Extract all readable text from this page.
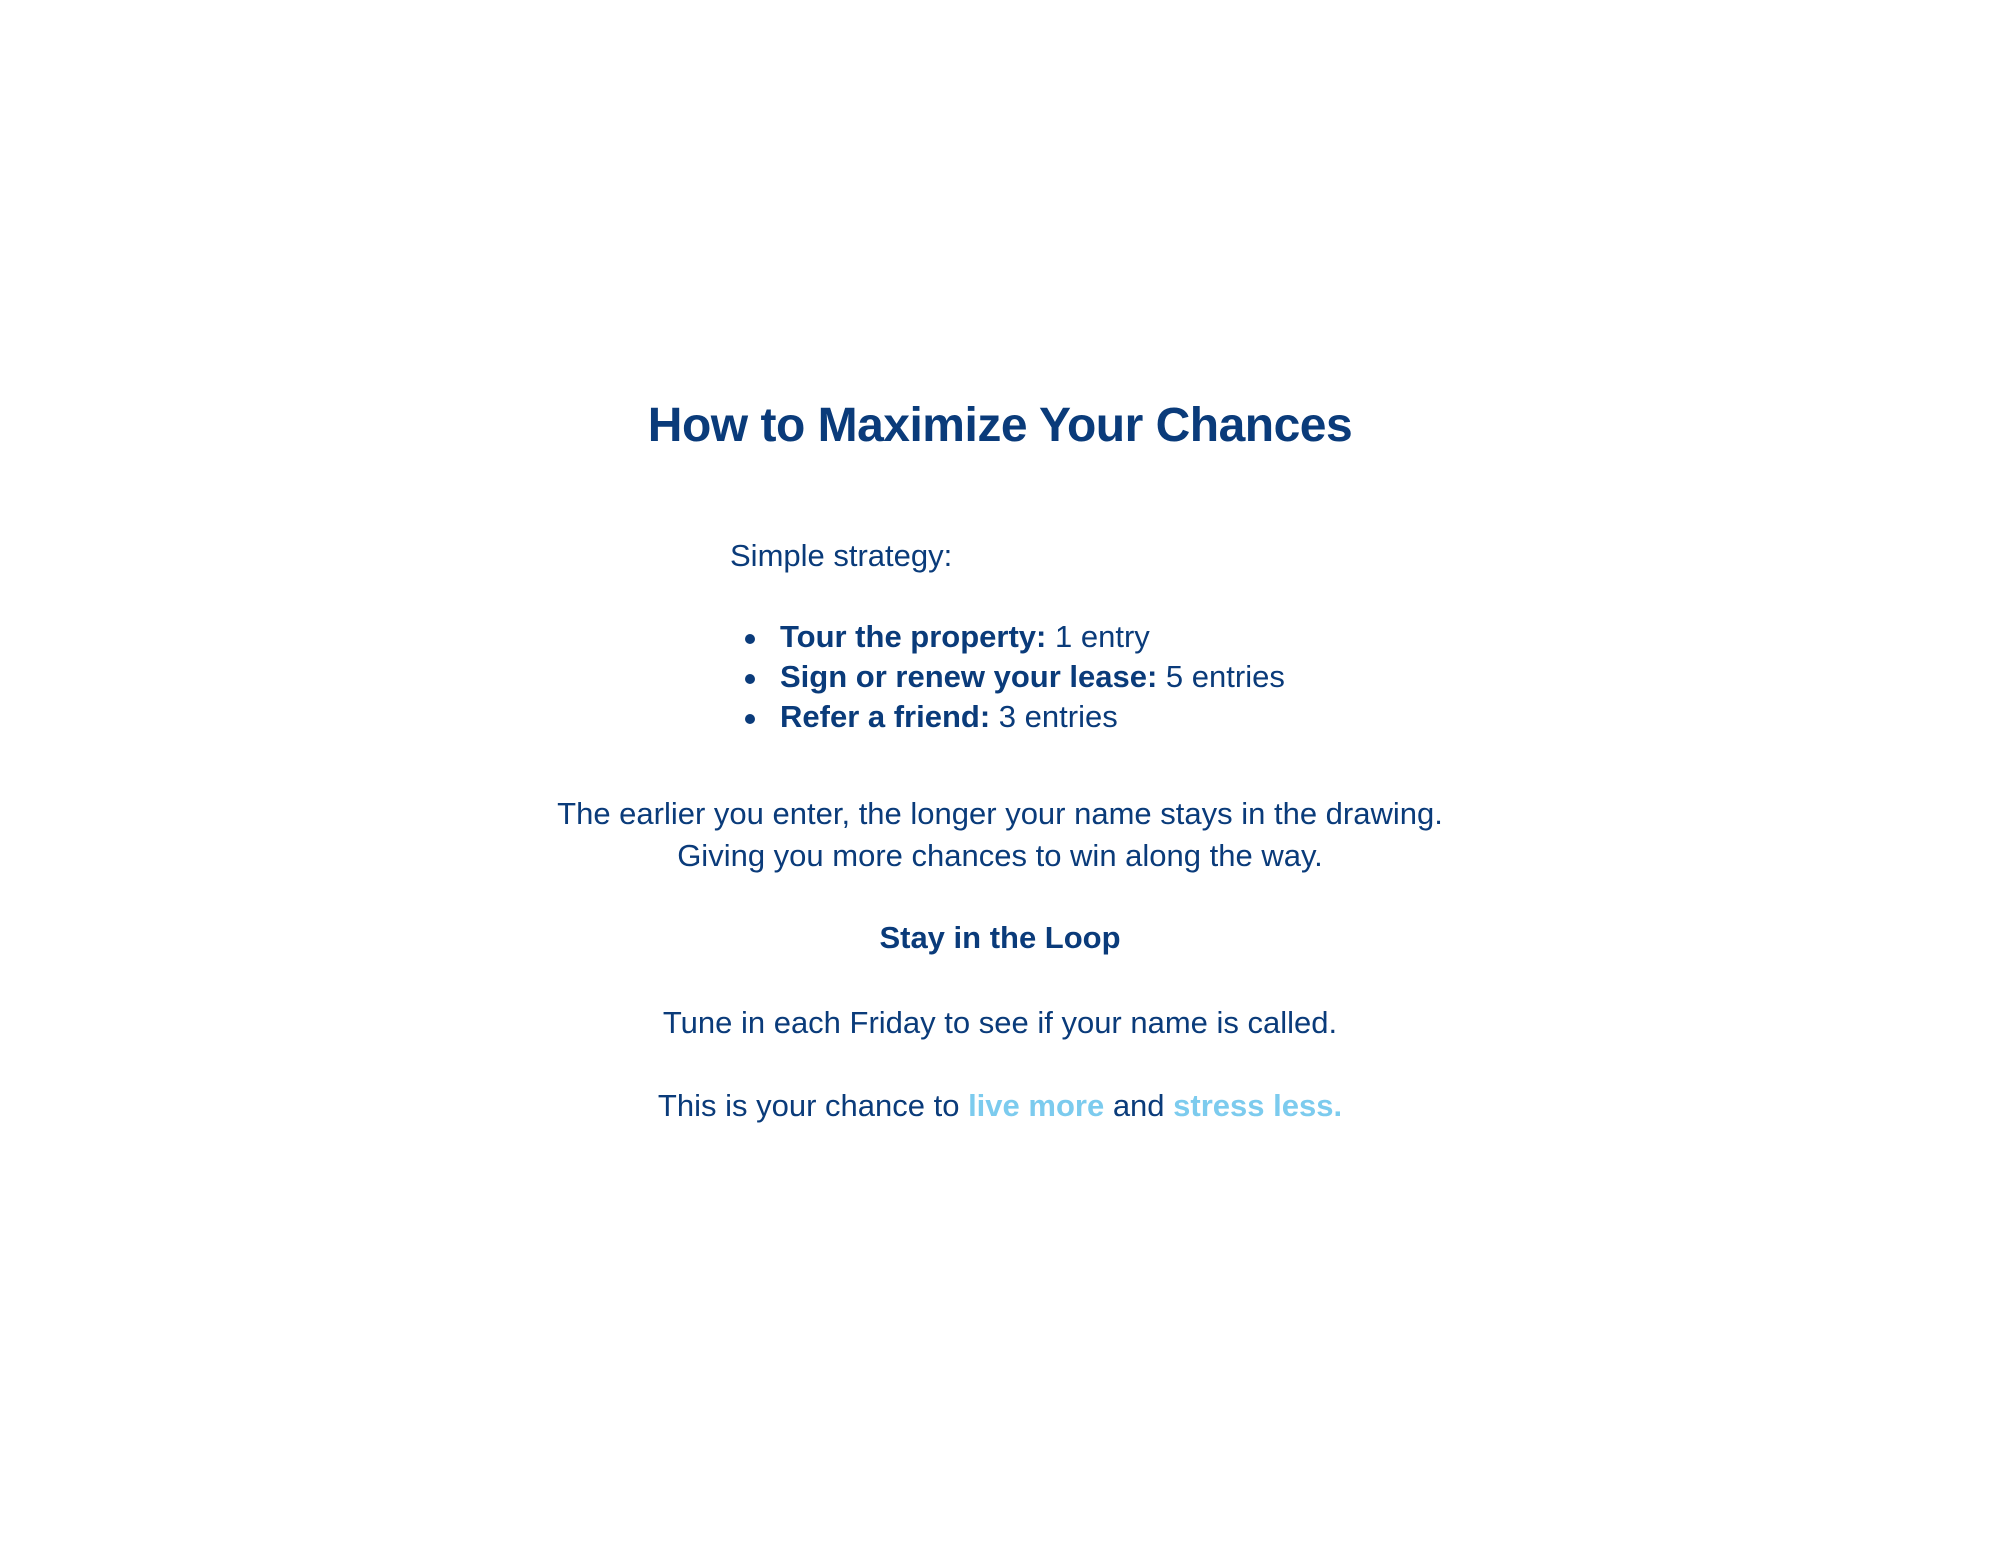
How to Maximize Your Chances
Simple strategy:
Tour the property: 1 entry
Sign or renew your lease: 5 entries
Refer a friend: 3 entries
The earlier you enter, the longer your name stays in the drawing.
Giving you more chances to win along the way.
Stay in the Loop
Tune in each Friday to see if your name is called.
This is your chance to live more and stress less.
